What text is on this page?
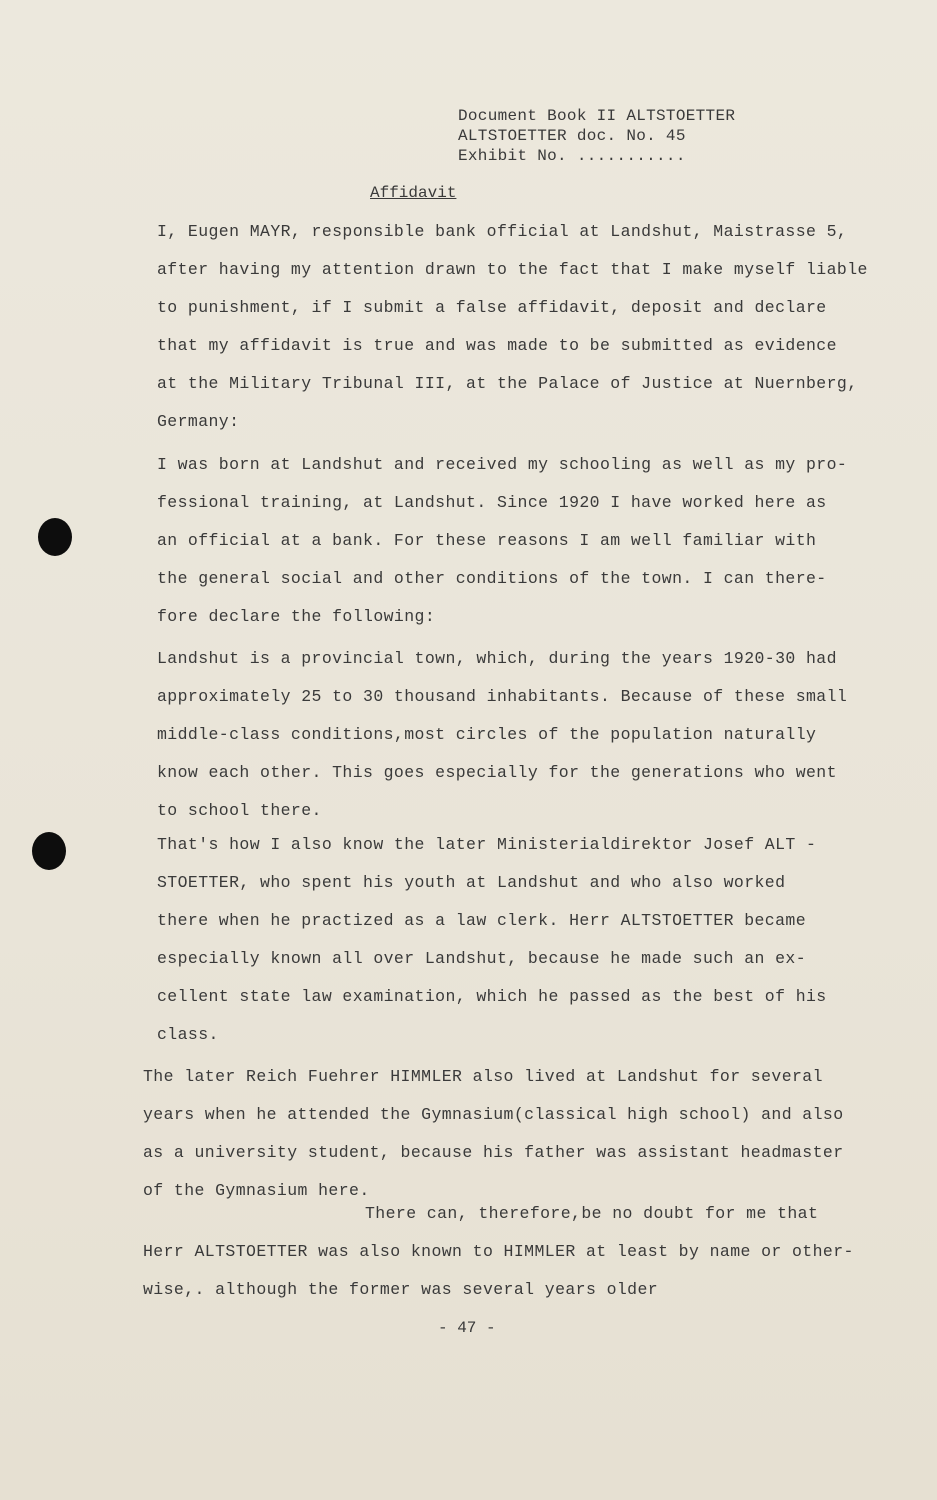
Document Book II ALTSTOETTER
ALTSTOETTER doc. No. 45
Exhibit No. ...........
Affidavit
I, Eugen MAYR, responsible bank official at Landshut, Maistrasse 5,
after having my attention drawn to the fact that I make myself liable
to punishment, if I submit a false affidavit, deposit and declare
that my affidavit is true and was made to be submitted as evidence
at the Military Tribunal III, at the Palace of Justice at Nuernberg,
Germany:
I was born at Landshut and received my schooling as well as my pro-
fessional training, at Landshut. Since 1920 I have worked here as
an official at a bank. For these reasons I am well familiar with
the general social and other conditions of the town. I can there-
fore declare the following:
Landshut is a provincial town, which, during the years 1920-30 had
approximately 25 to 30 thousand inhabitants. Because of these small
middle-class conditions,most circles of the population naturally
know each other. This goes especially for the generations who went
to school there.
That's how I also know the later Ministerialdirektor Josef ALT -
STOETTER, who spent his youth at Landshut and who also worked
there when he practized as a law clerk. Herr ALTSTOETTER became
especially known all over Landshut, because he made such an ex-
cellent state law examination, which he passed as the best of his
class.
The later Reich Fuehrer HIMMLER also lived at Landshut for several
years when he attended the Gymnasium(classical high school) and also
as a university student, because his father was assistant headmaster
of the Gymnasium here.
There can, therefore,be no doubt for me that
Herr ALTSTOETTER was also known to HIMMLER at least by name or other-
wise,. although the former was several years older
- 47 -
